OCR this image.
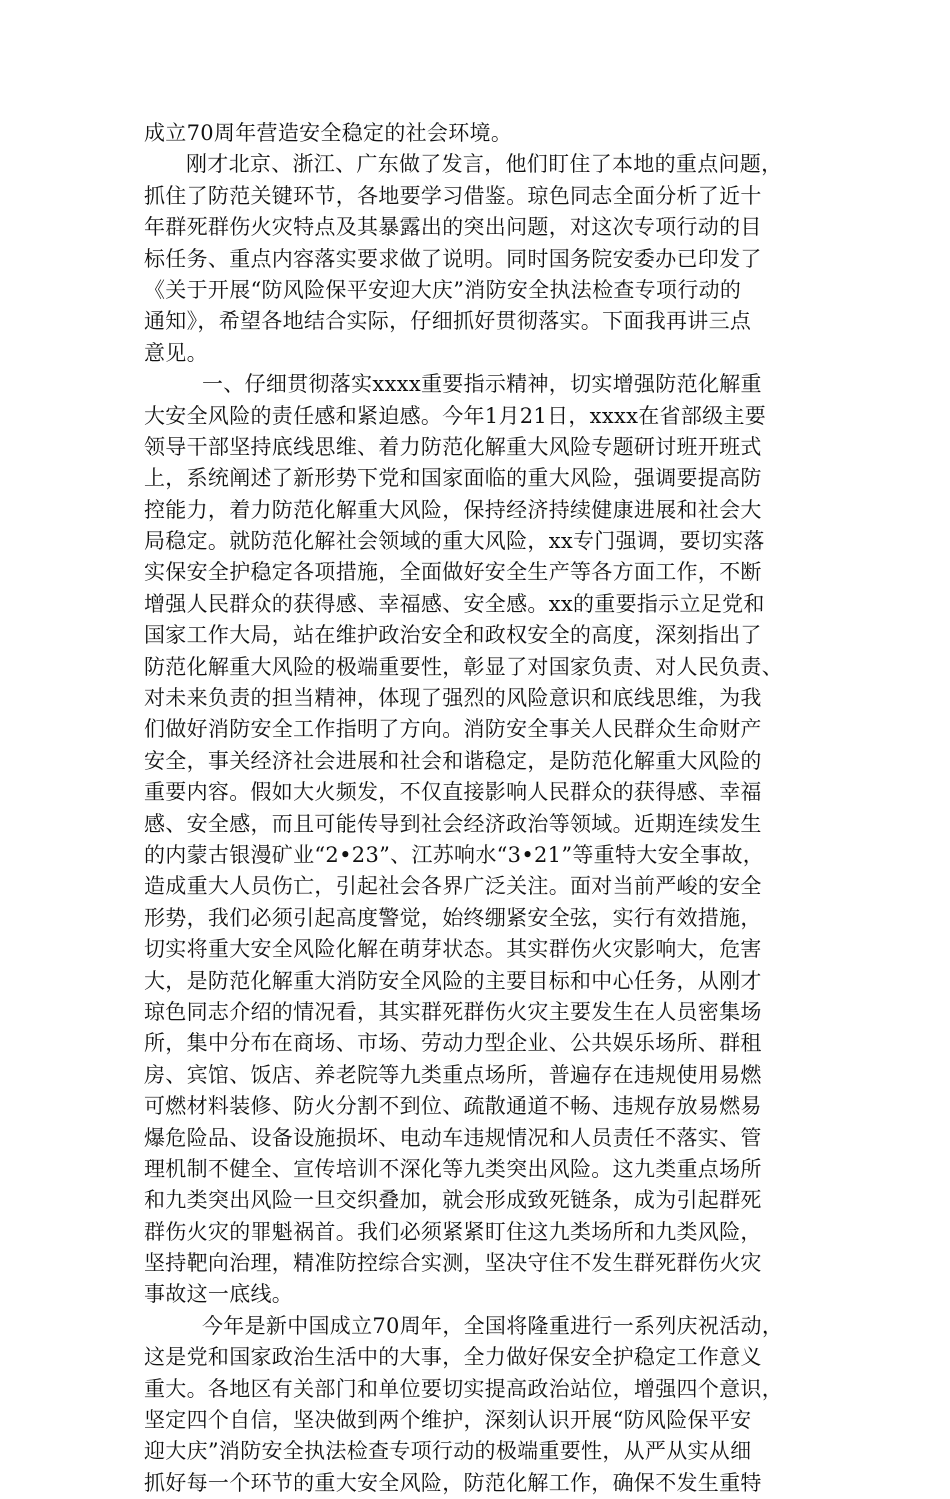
成立70周年营造安全稳定的社会环境。
刚才北京、浙江、广东做了发言，他们盯住了本地的重点问题，
抓住了防范关键环节，各地要学习借鉴。琼色同志全面分析了近十
年群死群伤火灾特点及其暴露出的突出问题，对这次专项行动的目
标任务、重点内容落实要求做了说明。同时国务院安委办已印发了
《关于开展“防风险保平安迎大庆”消防安全执法检查专项行动的
通知》，希望各地结合实际，仔细抓好贯彻落实。下面我再讲三点
意见。
一、仔细贯彻落实xxxx重要指示精神，切实增强防范化解重
大安全风险的责任感和紧迫感。今年1月21日，xxxx在省部级主要
领导干部坚持底线思维、着力防范化解重大风险专题研讨班开班式
上，系统阐述了新形势下党和国家面临的重大风险，强调要提高防
控能力，着力防范化解重大风险，保持经济持续健康进展和社会大
局稳定。就防范化解社会领域的重大风险，xx专门强调，要切实落
实保安全护稳定各项措施，全面做好安全生产等各方面工作，不断
增强人民群众的获得感、幸福感、安全感。xx的重要指示立足党和
国家工作大局，站在维护政治安全和政权安全的高度，深刻指出了
防范化解重大风险的极端重要性，彰显了对国家负责、对人民负责、
对未来负责的担当精神，体现了强烈的风险意识和底线思维，为我
们做好消防安全工作指明了方向。消防安全事关人民群众生命财产
安全，事关经济社会进展和社会和谐稳定，是防范化解重大风险的
重要内容。假如大火频发，不仅直接影响人民群众的获得感、幸福
感、安全感，而且可能传导到社会经济政治等领域。近期连续发生
的内蒙古银漫矿业“2•23”、江苏响水“3•21”等重特大安全事故，
造成重大人员伤亡，引起社会各界广泛关注。面对当前严峻的安全
形势，我们必须引起高度警觉，始终绷紧安全弦，实行有效措施，
切实将重大安全风险化解在萌芽状态。其实群伤火灾影响大，危害
大，是防范化解重大消防安全风险的主要目标和中心任务，从刚才
琼色同志介绍的情况看，其实群死群伤火灾主要发生在人员密集场
所，集中分布在商场、市场、劳动力型企业、公共娱乐场所、群租
房、宾馆、饭店、养老院等九类重点场所，普遍存在违规使用易燃
可燃材料装修、防火分割不到位、疏散通道不畅、违规存放易燃易
爆危险品、设备设施损坏、电动车违规情况和人员责任不落实、管
理机制不健全、宣传培训不深化等九类突出风险。这九类重点场所
和九类突出风险一旦交织叠加，就会形成致死链条，成为引起群死
群伤火灾的罪魁祸首。我们必须紧紧盯住这九类场所和九类风险，
坚持靶向治理，精准防控综合实测，坚决守住不发生群死群伤火灾
事故这一底线。
今年是新中国成立70周年，全国将隆重进行一系列庆祝活动，
这是党和国家政治生活中的大事，全力做好保安全护稳定工作意义
重大。各地区有关部门和单位要切实提高政治站位，增强四个意识，
坚定四个自信，坚决做到两个维护，深刻认识开展“防风险保平安
迎大庆”消防安全执法检查专项行动的极端重要性，从严从实从细
抓好每一个环节的重大安全风险，防范化解工作，确保不发生重特
